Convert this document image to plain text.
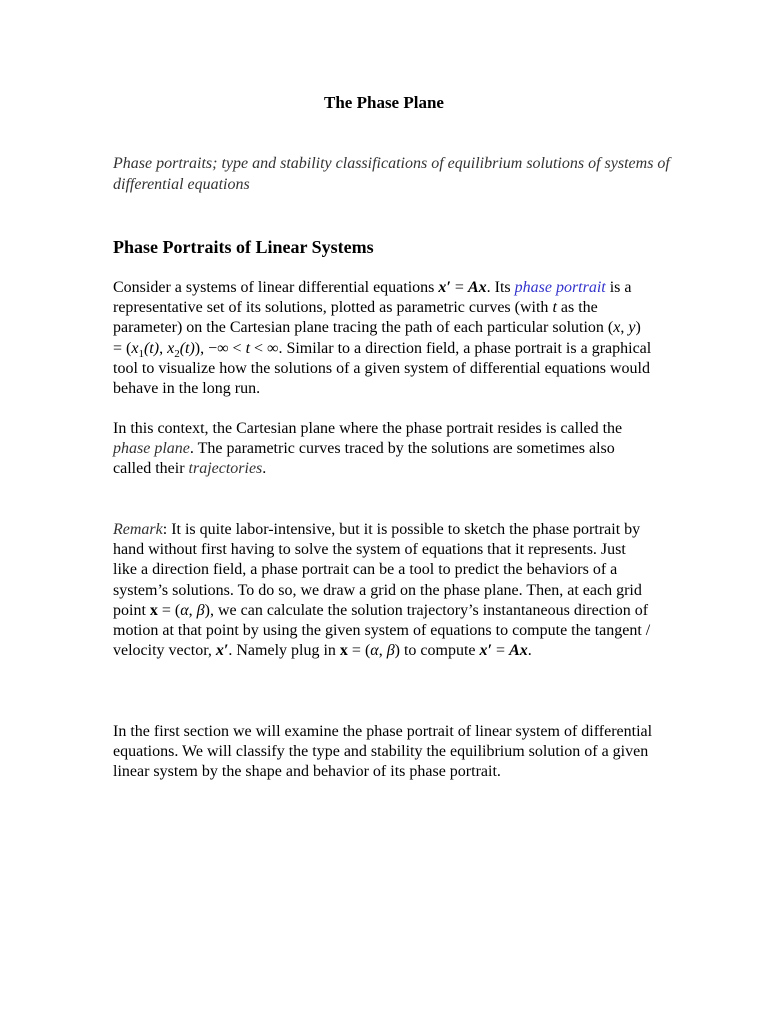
The Phase Plane
Phase portraits; type and stability classifications of equilibrium solutions of systems of differential equations
Phase Portraits of Linear Systems
Consider a systems of linear differential equations x′ = Ax. Its phase portrait is a representative set of its solutions, plotted as parametric curves (with t as the parameter) on the Cartesian plane tracing the path of each particular solution (x, $y) = (x_1(t)$, $x_2(t)$), −∞ < t < ∞. Similar to a direction field, a phase portrait is a graphical tool to visualize how the solutions of a given system of differential equations would behave in the long run.
In this context, the Cartesian plane where the phase portrait resides is called the phase plane. The parametric curves traced by the solutions are sometimes also called their trajectories.
Remark: It is quite labor-intensive, but it is possible to sketch the phase portrait by hand without first having to solve the system of equations that it represents. Just like a direction field, a phase portrait can be a tool to predict the behaviors of a system’s solutions. To do so, we draw a grid on the phase plane. Then, at each grid point x = (α, β), we can calculate the solution trajectory’s instantaneous direction of motion at that point by using the given system of equations to compute the tangent / velocity vector, x′. Namely plug in x = (α, β) to compute x′ = Ax.
In the first section we will examine the phase portrait of linear system of differential equations. We will classify the type and stability the equilibrium solution of a given linear system by the shape and behavior of its phase portrait.
